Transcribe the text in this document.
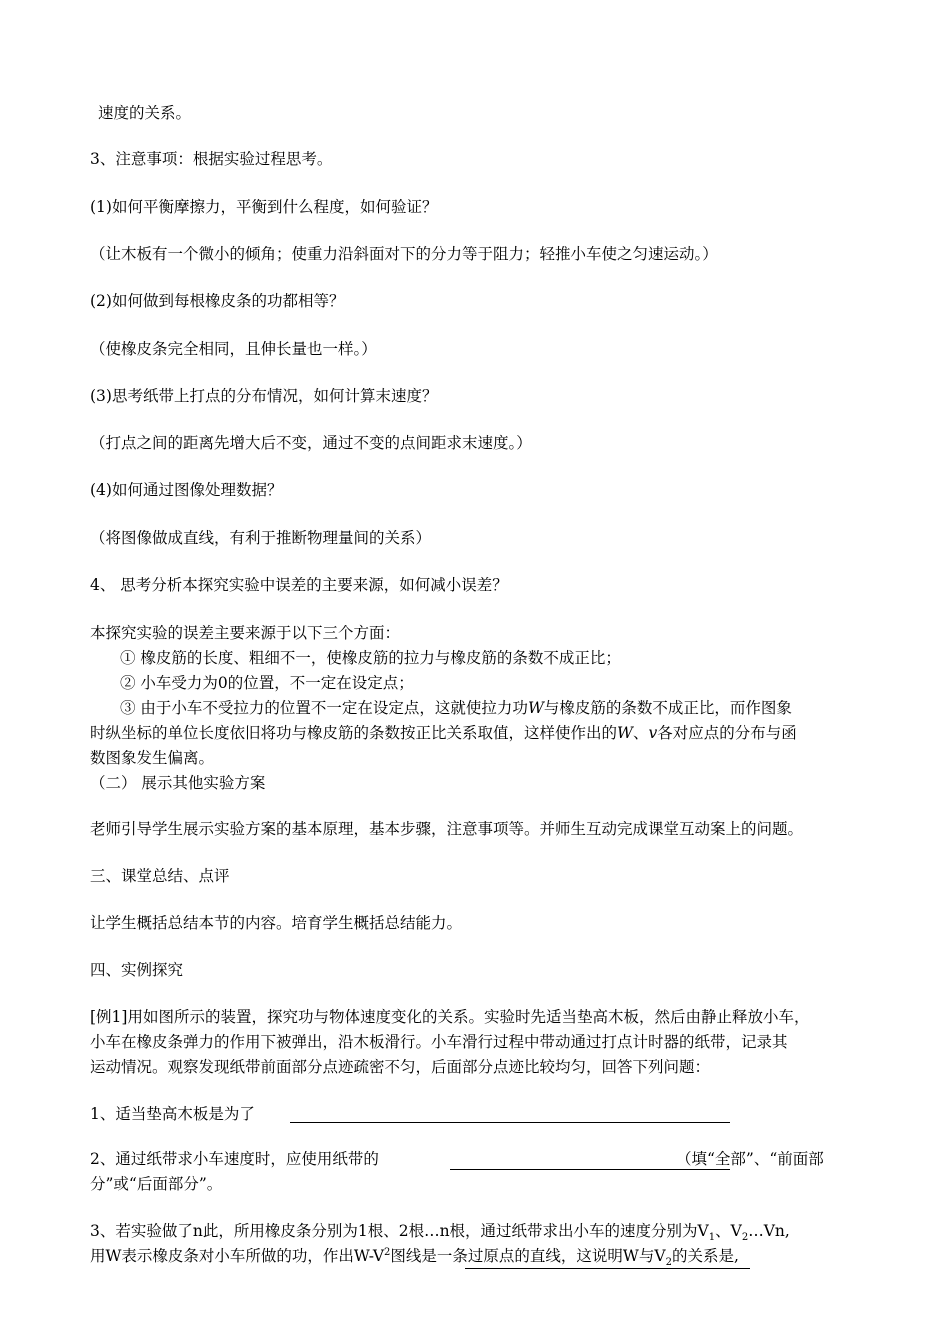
速度的关系。
3、注意事项：根据实验过程思考。
(1)如何平衡摩擦力，平衡到什么程度，如何验证？
（让木板有一个微小的倾角；使重力沿斜面对下的分力等于阻力；轻推小车使之匀速运动。）
(2)如何做到每根橡皮条的功都相等？
（使橡皮条完全相同，且伸长量也一样。）
(3)思考纸带上打点的分布情况，如何计算末速度？
（打点之间的距离先增大后不变，通过不变的点间距求末速度。）
(4)如何通过图像处理数据？
（将图像做成直线，有利于推断物理量间的关系）
4、 思考分析本探究实验中误差的主要来源，如何减小误差？
本探究实验的误差主要来源于以下三个方面：
① 橡皮筋的长度、粗细不一，使橡皮筋的拉力与橡皮筋的条数不成正比；
② 小车受力为0的位置，不一定在设定点；
③ 由于小车不受拉力的位置不一定在设定点，这就使拉力功W与橡皮筋的条数不成正比，而作图象
时纵坐标的单位长度依旧将功与橡皮筋的条数按正比关系取值，这样使作出的W、v各对应点的分布与函
数图象发生偏离。
（二） 展示其他实验方案
老师引导学生展示实验方案的基本原理，基本步骤，注意事项等。并师生互动完成课堂互动案上的问题。
三、课堂总结、点评
让学生概括总结本节的内容。培育学生概括总结能力。
四、实例探究
[例1]用如图所示的装置，探究功与物体速度变化的关系。实验时先适当垫高木板，然后由静止释放小车，
小车在橡皮条弹力的作用下被弹出，沿木板滑行。小车滑行过程中带动通过打点计时器的纸带，记录其
运动情况。观察发现纸带前面部分点迹疏密不匀，后面部分点迹比较均匀，回答下列问题：
1、适当垫高木板是为了
2、通过纸带求小车速度时，应使用纸带的	（填“全部”、“前面部
分”或“后面部分”。
3、若实验做了n此，所用橡皮条分别为1根、2根…n根，通过纸带求出小车的速度分别为$V_1$、$V_2\dots Vn$,
用W表示橡皮条对小车所做的功，作出$W-V^2$图线是一条过原点的直线，这说明W与$V_2$的关系是,
